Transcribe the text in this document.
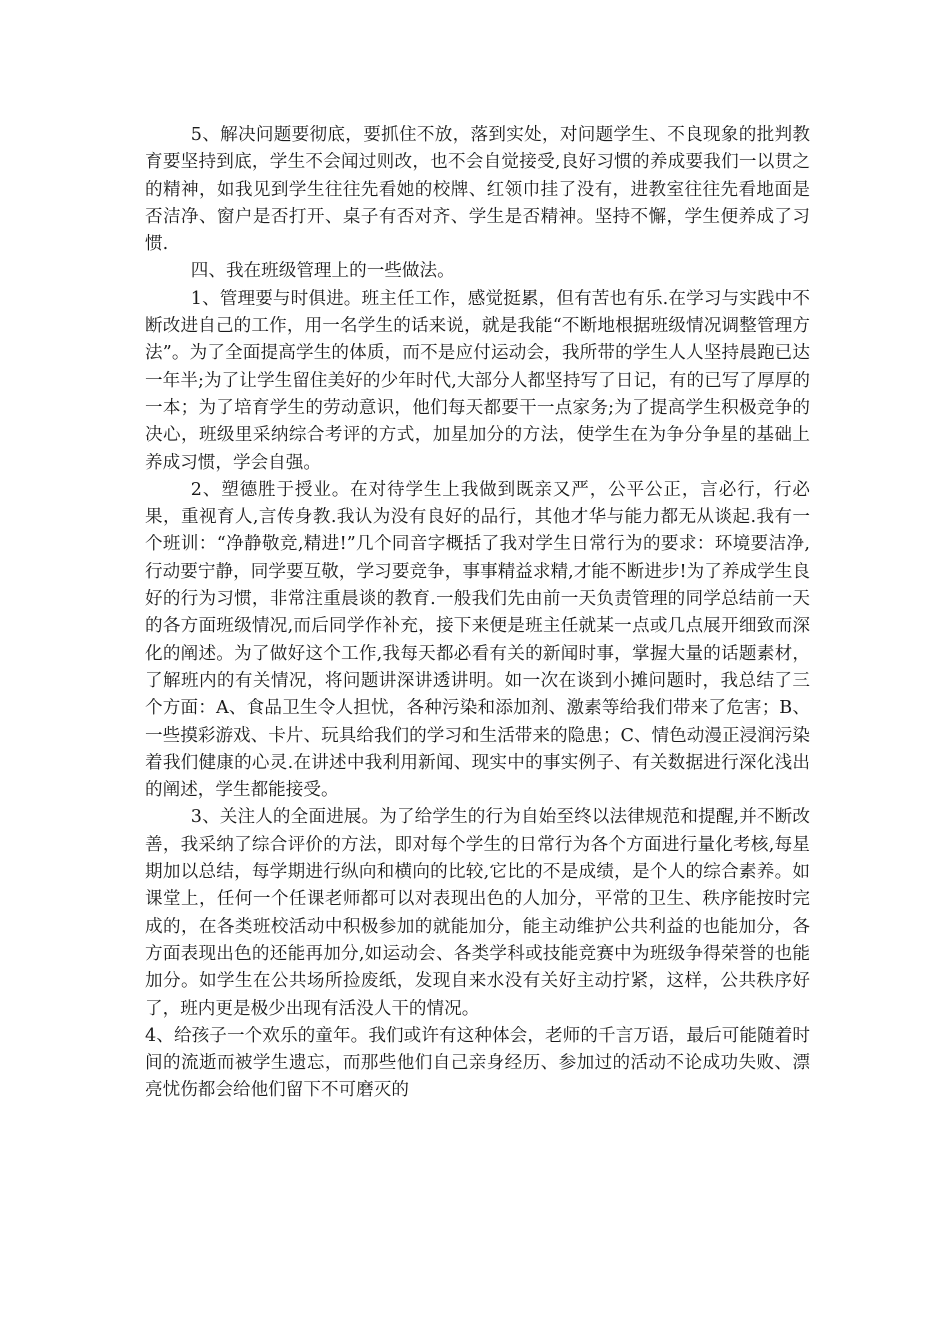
5、解决问题要彻底，要抓住不放，落到实处，对问题学生、不良现象的批判教育要坚持到底，学生不会闻过则改，也不会自觉接受,良好习惯的养成要我们一以贯之的精神，如我见到学生往往先看她的校牌、红领巾挂了没有，进教室往往先看地面是否洁净、窗户是否打开、桌子有否对齐、学生是否精神。坚持不懈，学生便养成了习惯.

四、我在班级管理上的一些做法。

1、管理要与时俱进。班主任工作，感觉挺累，但有苦也有乐.在学习与实践中不断改进自己的工作，用一名学生的话来说，就是我能“不断地根据班级情况调整管理方法”。为了全面提高学生的体质，而不是应付运动会，我所带的学生人人坚持晨跑已达一年半;为了让学生留住美好的少年时代,大部分人都坚持写了日记，有的已写了厚厚的一本；为了培育学生的劳动意识，他们每天都要干一点家务;为了提高学生积极竞争的决心，班级里采纳综合考评的方式，加星加分的方法，使学生在为争分争星的基础上养成习惯，学会自强。

2、塑德胜于授业。在对待学生上我做到既亲又严，公平公正，言必行，行必果，重视育人,言传身教.我认为没有良好的品行，其他才华与能力都无从谈起.我有一个班训：“净静敬竞,精进!”几个同音字概括了我对学生日常行为的要求：环境要洁净,行动要宁静，同学要互敬，学习要竞争，事事精益求精,才能不断进步!为了养成学生良好的行为习惯，非常注重晨谈的教育.一般我们先由前一天负责管理的同学总结前一天的各方面班级情况,而后同学作补充，接下来便是班主任就某一点或几点展开细致而深化的阐述。为了做好这个工作,我每天都必看有关的新闻时事，掌握大量的话题素材，了解班内的有关情况，将问题讲深讲透讲明。如一次在谈到小摊问题时，我总结了三个方面：A、食品卫生令人担忧，各种污染和添加剂、激素等给我们带来了危害；B、一些摸彩游戏、卡片、玩具给我们的学习和生活带来的隐患；C、情色动漫正浸润污染着我们健康的心灵.在讲述中我利用新闻、现实中的事实例子、有关数据进行深化浅出的阐述，学生都能接受。

3、关注人的全面进展。为了给学生的行为自始至终以法律规范和提醒,并不断改善，我采纳了综合评价的方法，即对每个学生的日常行为各个方面进行量化考核,每星期加以总结，每学期进行纵向和横向的比较,它比的不是成绩，是个人的综合素养。如课堂上，任何一个任课老师都可以对表现出色的人加分，平常的卫生、秩序能按时完成的，在各类班校活动中积极参加的就能加分，能主动维护公共利益的也能加分，各方面表现出色的还能再加分,如运动会、各类学科或技能竞赛中为班级争得荣誉的也能加分。如学生在公共场所捡废纸，发现自来水没有关好主动拧紧，这样，公共秩序好了，班内更是极少出现有活没人干的情况。

4、给孩子一个欢乐的童年。我们或许有这种体会，老师的千言万语，最后可能随着时间的流逝而被学生遗忘，而那些他们自己亲身经历、参加过的活动不论成功失败、漂亮忧伤都会给他们留下不可磨灭的
